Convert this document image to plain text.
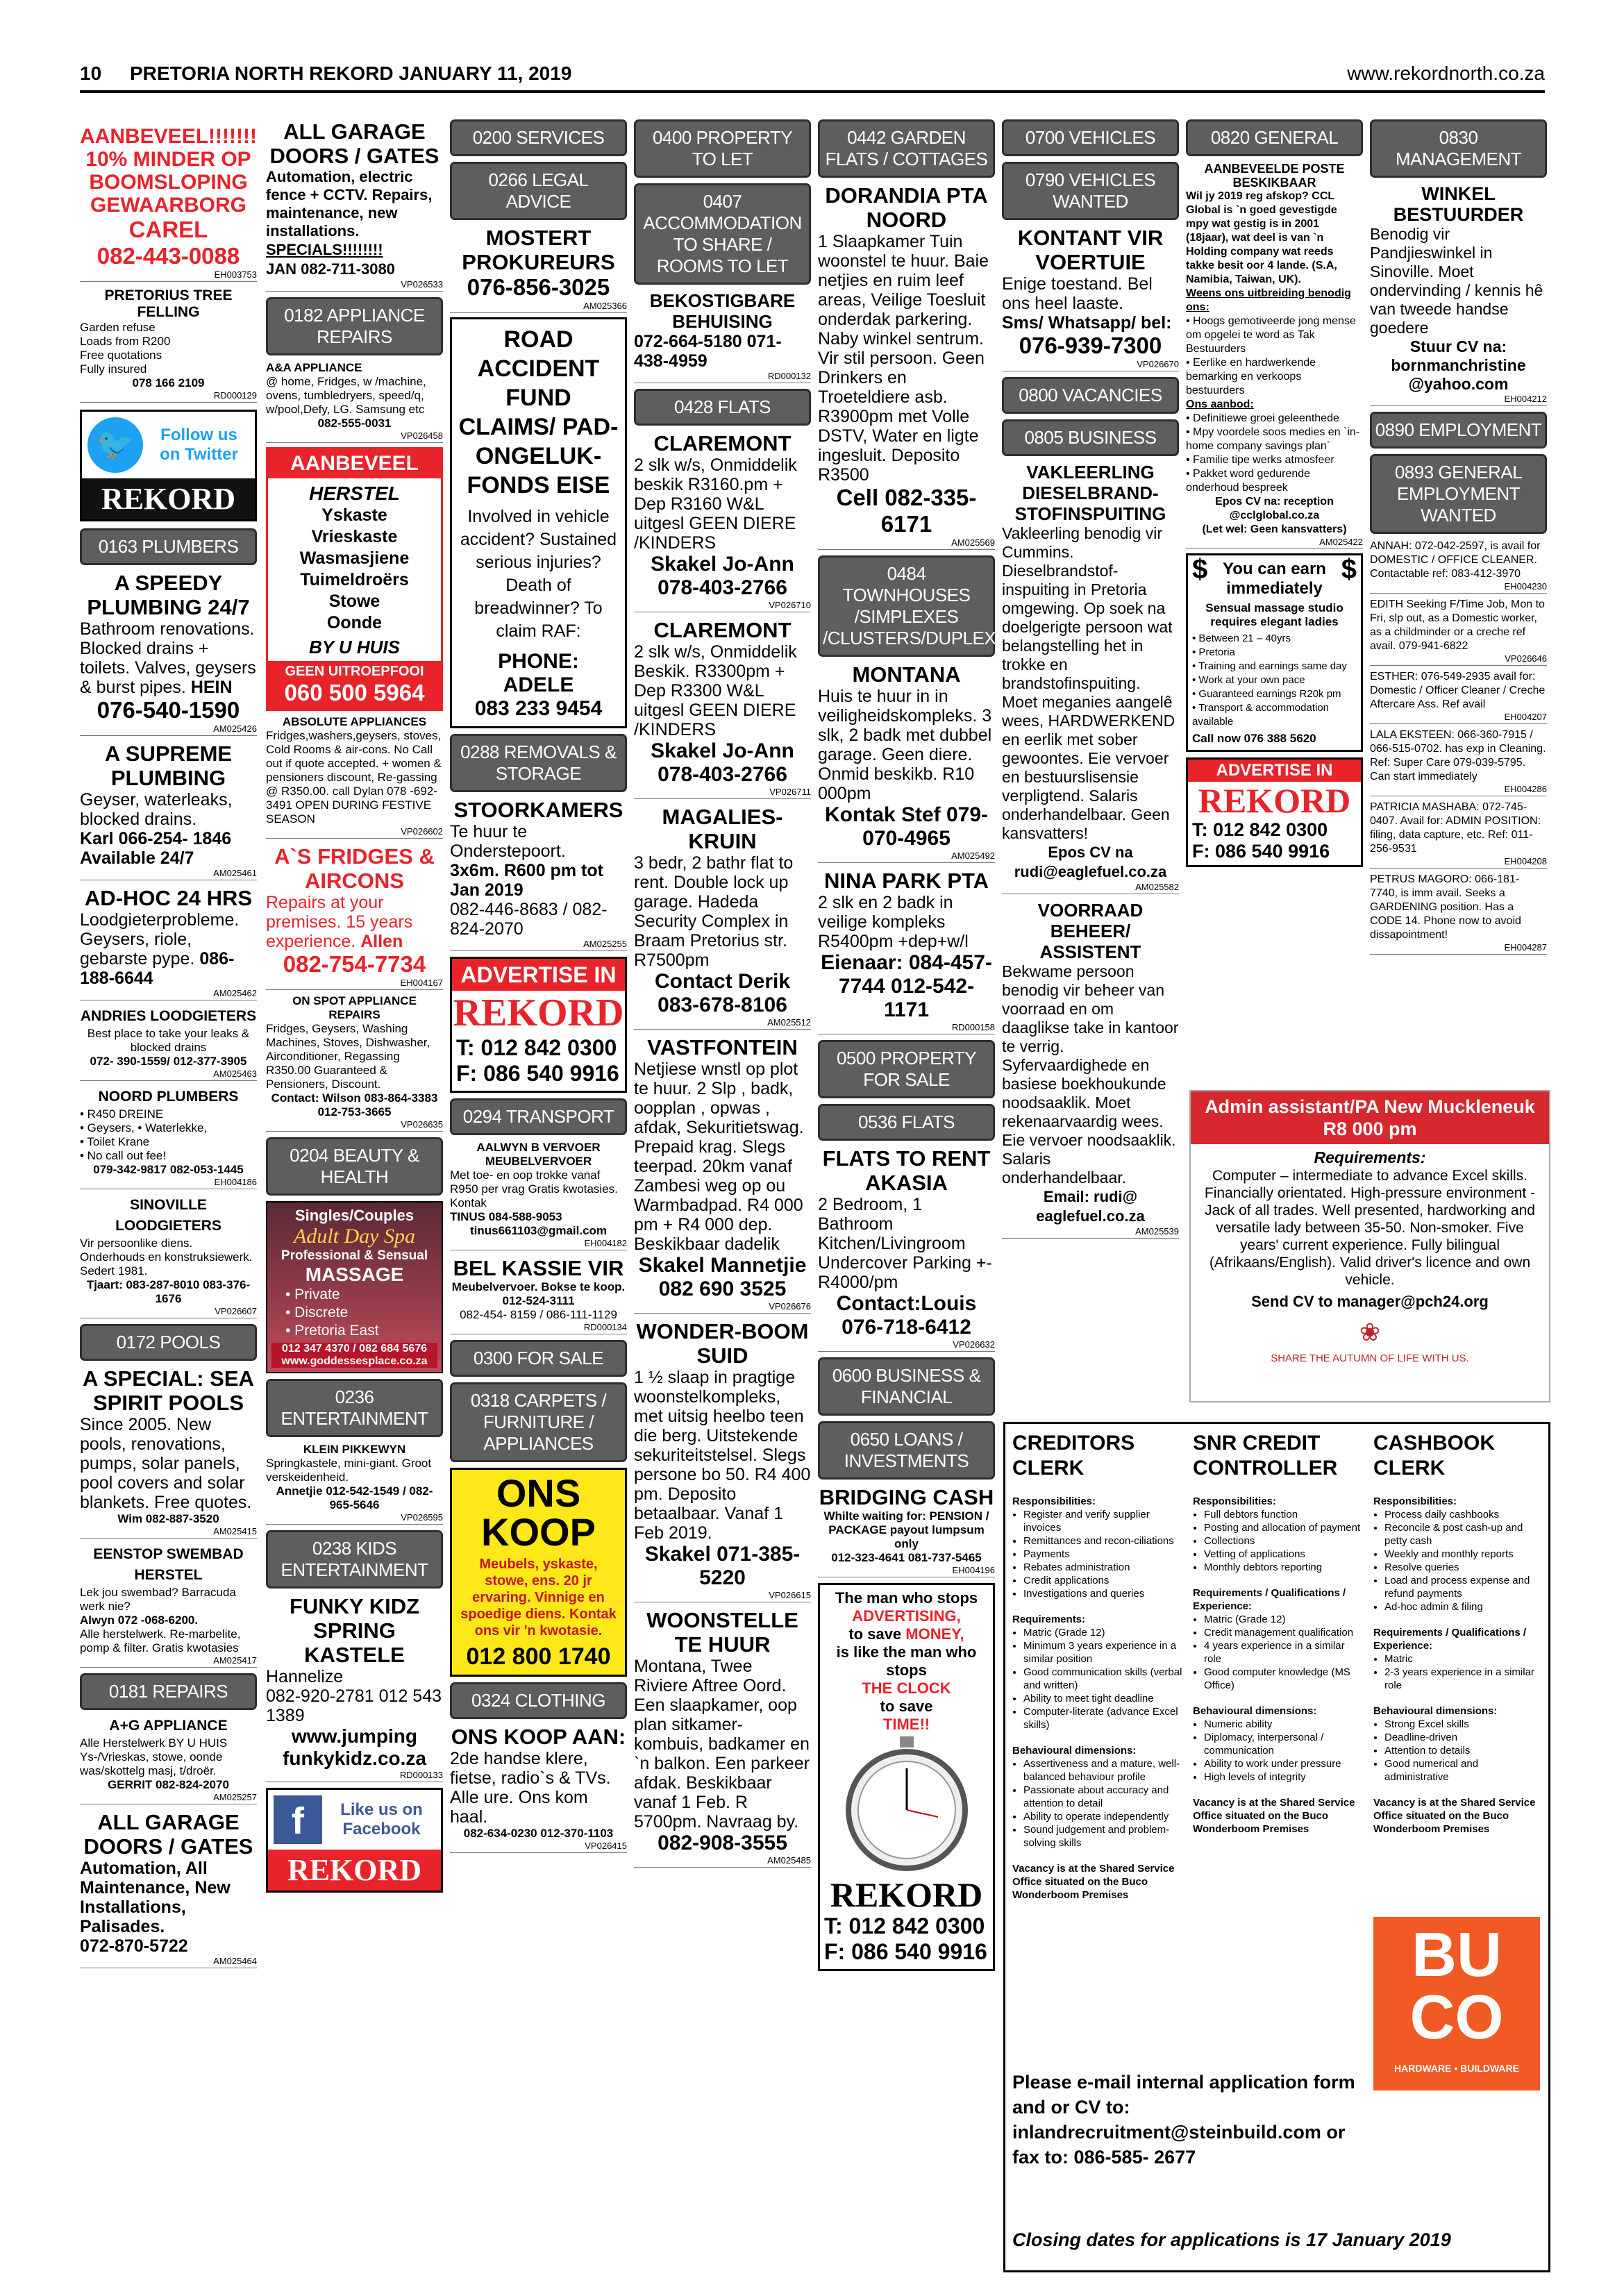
10 PRETORIA NORTH REKORD JANUARY 11, 2019	www.rekordnorth.co.za
AANBEVEEL!!!!!!! 10% MINDER OP BOOMSLOPING GEWAARBORG
CAREL
082-443-0088
EH003753
PRETORIUS TREE FELLING
Garden refuse
Loads from R200
Free quotations
Fully insured
078 166 2109
RD000129
🐦	Follow us on Twitter
REKORD
0163 PLUMBERS
A SPEEDY PLUMBING 24/7
Bathroom renovations. Blocked drains + toilets. Valves, geysers & burst pipes. HEIN
076-540-1590
AM025426
A SUPREME PLUMBING
Geyser, waterleaks, blocked drains.
Karl 066-254- 1846
Available 24/7
AM025461
AD-HOC 24 HRS
Loodgieterprobleme. Geysers, riole, gebarste pype. 086-188-6644
AM025462
ANDRIES LOODGIETERS
Best place to take your leaks & blocked drains
072- 390-1559/ 012-377-3905
AM025463
NOORD PLUMBERS
• R450 DREINE
• Geysers, • Waterlekke,
• Toilet Krane
• No call out fee!
079-342-9817 082-053-1445
EH004186
SINOVILLE LOODGIETERS
Vir persoonlike diens. Onderhouds en konstruksiewerk. Sedert 1981.
Tjaart: 083-287-8010 083-376-1676
VP026607
0172 POOLS
A SPECIAL: SEA SPIRIT POOLS
Since 2005. New pools, renovations, pumps, solar panels, pool covers and solar blankets. Free quotes.
Wim 082-887-3520
AM025415
EENSTOP SWEMBAD HERSTEL
Lek jou swembad? Barracuda werk nie?
Alwyn 072 -068-6200.
Alle herstelwerk. Re-marbelite, pomp & filter. Gratis kwotasies
AM025417
0181 REPAIRS
A+G APPLIANCE
Alle Herstelwerk BY U HUIS Ys-/Vrieskas, stowe, oonde was/skottelg masj, t/droër.
GERRIT 082-824-2070
AM025257
ALL GARAGE DOORS / GATES
Automation, All Maintenance, New Installations, Palisades.
072-870-5722
AM025464
ALL GARAGE DOORS / GATES
Automation, electric fence + CCTV. Repairs, maintenance, new installations.
SPECIALS!!!!!!!!
JAN 082-711-3080
VP026533
0182 APPLIANCE REPAIRS
A&A APPLIANCE
@ home, Fridges, w /machine, ovens, tumbledryers, speed/q, w/pool,Defy, LG. Samsung etc
082-555-0031
VP026458
AANBEVEEL
HERSTEL
Yskaste
Vrieskaste
Wasmasjiene
Tuimeldroërs
Stowe
Oonde
BY U HUIS
GEEN UITROEPFOOI
060 500 5964
ABSOLUTE APPLIANCES
Fridges,washers,geysers, stoves, Cold Rooms & air-cons. No Call out if quote accepted. + women & pensioners discount, Re-gassing @ R350.00. call Dylan 078 -692-3491 OPEN DURING FESTIVE SEASON
VP026602
A`S FRIDGES & AIRCONS
Repairs at your premises. 15 years experience. Allen
082-754-7734
EH004167
ON SPOT APPLIANCE REPAIRS
Fridges, Geysers, Washing Machines, Stoves, Dishwasher, Airconditioner, Regassing R350.00 Guaranteed & Pensioners, Discount.
Contact: Wilson 083-864-3383 012-753-3665
VP026635
0204 BEAUTY & HEALTH
Singles/Couples
Adult Day Spa
Professional & Sensual
MASSAGE
• Private
• Discrete
• Pretoria East
012 347 4370 / 082 684 5676
www.goddessesplace.co.za
0236 ENTERTAINMENT
KLEIN PIKKEWYN
Springkastele, mini-giant. Groot verskeidenheid.
Annetjie 012-542-1549 / 082-965-5646
VP026595
0238 KIDS ENTERTAINMENT
FUNKY KIDZ SPRING KASTELE
Hannelize
082-920-2781 012 543 1389
www.jumping funkykidz.co.za
RD000133
f	Like us on Facebook
REKORD
0200 SERVICES
0266 LEGAL ADVICE
MOSTERT PROKUREURS
076-856-3025
AM025366
ROAD ACCIDENT FUND CLAIMS/ PAD-ONGELUK-FONDS EISE
Involved in vehicle accident? Sustained serious injuries? Death of breadwinner? To claim RAF:
PHONE:
ADELE
083 233 9454
0288 REMOVALS & STORAGE
STOORKAMERS
Te huur te Onderstepoort.
3x6m. R600 pm tot Jan 2019
082-446-8683 / 082-824-2070
AM025255
ADVERTISE IN
REKORD
T: 012 842 0300
F: 086 540 9916
0294 TRANSPORT
AALWYN B VERVOER MEUBELVERVOER
Met toe- en oop trokke vanaf R950 per vrag Gratis kwotasies. Kontak
TINUS 084-588-9053
tinus661103@gmail.com
EH004182
BEL KASSIE VIR
Meubelvervoer. Bokse te koop. 012-524-3111
082-454- 8159 / 086-111-1129
RD000134
0300 FOR SALE
0318 CARPETS / FURNITURE / APPLIANCES
ONS KOOP
Meubels, yskaste, stowe, ens. 20 jr ervaring. Vinnige en spoedige diens. Kontak ons vir 'n kwotasie.
012 800 1740
0324 CLOTHING
ONS KOOP AAN:
2de handse klere, fietse, radio`s & TVs. Alle ure. Ons kom haal.
082-634-0230 012-370-1103
VP026415
0400 PROPERTY TO LET
0407 ACCOMMODATION TO SHARE / ROOMS TO LET
BEKOSTIGBARE BEHUISING
072-664-5180 071- 438-4959
RD000132
0428 FLATS
CLAREMONT
2 slk w/s, Onmiddelik beskik R3160.pm + Dep R3160 W&L uitgesl GEEN DIERE /KINDERS
Skakel Jo-Ann 078-403-2766
VP026710
CLAREMONT
2 slk w/s, Onmiddelik Beskik. R3300pm + Dep R3300 W&L uitgesl GEEN DIERE /KINDERS
Skakel Jo-Ann 078-403-2766
VP026711
MAGALIES-KRUIN
3 bedr, 2 bathr flat to rent. Double lock up garage. Hadeda Security Complex in Braam Pretorius str. R7500pm
Contact Derik 083-678-8106
AM025512
VASTFONTEIN
Netjiese wnstl op plot te huur. 2 Slp , badk, oopplan , opwas , afdak, Sekuritietswag. Prepaid krag. Slegs teerpad. 20km vanaf Zambesi weg op ou Warmbadpad. R4 000 pm + R4 000 dep. Beskikbaar dadelik
Skakel Mannetjie 082 690 3525
VP026676
WONDER-BOOM SUID
1 ½ slaap in pragtige woonstelkompleks, met uitsig heelbo teen die berg. Uitstekende sekuriteitstelsel. Slegs persone bo 50. R4 400 pm. Deposito betaalbaar. Vanaf 1 Feb 2019.
Skakel 071-385-5220
VP026615
WOONSTELLE TE HUUR
Montana, Twee Riviere Aftree Oord. Een slaapkamer, oop plan sitkamer-kombuis, badkamer en `n balkon. Een parkeer afdak. Beskikbaar vanaf 1 Feb. R 5700pm. Navraag by.
082-908-3555
AM025485
0442 GARDEN FLATS / COTTAGES
DORANDIA PTA NOORD
1 Slaapkamer Tuin woonstel te huur. Baie netjies en ruim leef areas, Veilige Toesluit onderdak parkering. Naby winkel sentrum. Vir stil persoon. Geen Drinkers en Troeteldiere asb. R3900pm met Volle DSTV, Water en ligte ingesluit. Deposito R3500
Cell 082-335-6171
AM025569
0484 TOWNHOUSES /SIMPLEXES /CLUSTERS/DUPLEXES
MONTANA
Huis te huur in in veiligheidskompleks. 3 slk, 2 badk met dubbel garage. Geen diere. Onmid beskikb. R10 000pm
Kontak Stef 079-070-4965
AM025492
NINA PARK PTA
2 slk en 2 badk in veilige kompleks R5400pm +dep+w/l
Eienaar: 084-457-7744 012-542-1171
RD000158
0500 PROPERTY FOR SALE
0536 FLATS
FLATS TO RENT AKASIA
2 Bedroom, 1 Bathroom Kitchen/Livingroom Undercover Parking +- R4000/pm
Contact:Louis 076-718-6412
VP026632
0600 BUSINESS & FINANCIAL
0650 LOANS / INVESTMENTS
BRIDGING CASH
Whilte waiting for: PENSION / PACKAGE payout lumpsum only
012-323-4641 081-737-5465
EH004196
The man who stops
ADVERTISING,
to save MONEY,
is like the man who stops
THE CLOCK
to save
TIME!!
REKORD
T: 012 842 0300
F: 086 540 9916
0700 VEHICLES
0790 VEHICLES WANTED
KONTANT VIR VOERTUIE
Enige toestand. Bel ons heel laaste.
Sms/ Whatsapp/ bel:
076-939-7300
VP026670
0800 VACANCIES
0805 BUSINESS
VAKLEERLING DIESELBRAND-STOFINSPUITING
Vakleerling benodig vir Cummins. Dieselbrandstof-inspuiting in Pretoria omgewing. Op soek na doelgerigte persoon wat belangstelling het in trokke en brandstofinspuiting. Moet meganies aangelê wees, HARDWERKEND en eerlik met sober gewoontes. Eie vervoer en bestuurslisensie verpligtend. Salaris onderhandelbaar. Geen kansvatters!
Epos CV na rudi@eaglefuel.co.za
AM025582
VOORRAAD BEHEER/ ASSISTENT
Bekwame persoon benodig vir beheer van voorraad en om daaglikse take in kantoor te verrig. Syfervaardighede en basiese boekhoukunde noodsaaklik. Moet rekenaarvaardig wees. Eie vervoer noodsaaklik. Salaris onderhandelbaar.
Email: rudi@ eaglefuel.co.za
AM025539
0820 GENERAL
AANBEVEELDE POSTE BESKIKBAAR
Wil jy 2019 reg afskop? CCL Global is `n goed gevestigde mpy wat gestig is in 2001 (18jaar), wat deel is van `n Holding company wat reeds takke besit oor 4 lande. (S.A, Namibia, Taiwan, UK).
Weens ons uitbreiding benodig ons:
• Hoogs gemotiveerde jong mense om opgelei te word as Tak Bestuurders
• Eerlike en hardwerkende bemarking en verkoops bestuurders
Ons aanbod:
• Definitiewe groei geleenthede
• Mpy voordele soos medies en `in-home company savings plan`
• Familie tipe werks atmosfeer
• Pakket word gedurende onderhoud bespreek
Epos CV na: reception @cclglobal.co.za
(Let wel: Geen kansvatters)
AM025422
$	$
You can earn immediately
Sensual massage studio requires elegant ladies
• Between 21 – 40yrs
• Pretoria
• Training and earnings same day
• Work at your own pace
• Guaranteed earnings R20k pm
• Transport & accommodation available
Call now 076 388 5620
ADVERTISE IN
REKORD
T: 012 842 0300
F: 086 540 9916
0830 MANAGEMENT
WINKEL BESTUURDER
Benodig vir Pandjieswinkel in Sinoville. Moet ondervinding / kennis hê van tweede handse goedere
Stuur CV na: bornmanchristine @yahoo.com
EH004212
0890 EMPLOYMENT
0893 GENERAL EMPLOYMENT WANTED
ANNAH: 072-042-2597, is avail for DOMESTIC / OFFICE CLEANER. Contactable ref: 083-412-3970
EH004230
EDITH Seeking F/Time Job, Mon to Fri, slp out, as a Domestic worker, as a childminder or a creche ref avail. 079-941-6822
VP026646
ESTHER: 076-549-2935 avail for: Domestic / Officer Cleaner / Creche Aftercare Ass. Ref avail
EH004207
LALA EKSTEEN: 066-360-7915 / 066-515-0702. has exp in Cleaning. Ref: Super Care 079-039-5795. Can start immediately
EH004286
PATRICIA MASHABA: 072-745-0407. Avail for: ADMIN POSITION: filing, data capture, etc. Ref: 011-256-9531
EH004208
PETRUS MAGORO: 066-181-7740, is imm avail. Seeks a GARDENING position. Has a CODE 14. Phone now to avoid dissapointment!
EH004287
Admin assistant/PA New Muckleneuk R8 000 pm
Requirements:
Computer – intermediate to advance Excel skills. Financially orientated. High-pressure environment - Jack of all trades. Well presented, hardworking and versatile lady between 35-50. Non-smoker. Five years' current experience. Fully bilingual (Afrikaans/English). Valid driver's licence and own vehicle.
Send CV to manager@pch24.org
❀
SHARE THE AUTUMN OF LIFE WITH US.
CREDITORS CLERK
Responsibilities:
• Register and verify supplier invoices
• Remittances and recon-ciliations
• Payments
• Rebates administration
• Credit applications
• Investigations and queries
Requirements:
• Matric (Grade 12)
• Minimum 3 years experience in a similar position
• Good communication skills (verbal and written)
• Ability to meet tight deadline
• Computer-literate (advance Excel skills)
Behavioural dimensions:
• Assertiveness and a mature, well-balanced behaviour profile
• Passionate about accuracy and attention to detail
• Ability to operate independently
• Sound judgement and problem-solving skills
Vacancy is at the Shared Service Office situated on the Buco Wonderboom Premises
SNR CREDIT CONTROLLER
Responsibilities:
• Full debtors function
• Posting and allocation of payment
• Collections
• Vetting of applications
• Monthly debtors reporting
Requirements / Qualifications / Experience:
• Matric (Grade 12)
• Credit management qualification
• 4 years experience in a similar role
• Good computer knowledge (MS Office)
Behavioural dimensions:
• Numeric ability
• Diplomacy, interpersonal / communication
• Ability to work under pressure
• High levels of integrity
Vacancy is at the Shared Service Office situated on the Buco Wonderboom Premises
CASHBOOK CLERK
Responsibilities:
• Process daily cashbooks
• Reconcile & post cash-up and petty cash
• Weekly and monthly reports
• Resolve queries
• Load and process expense and refund payments
• Ad-hoc admin & filing
Requirements / Qualifications / Experience:
• Matric
• 2-3 years experience in a similar role
Behavioural dimensions:
• Strong Excel skills
• Deadline-driven
• Attention to details
• Good numerical and administrative
Vacancy is at the Shared Service Office situated on the Buco Wonderboom Premises
Please e-mail internal application form and or CV to: inlandrecruitment@steinbuild.com or fax to: 086-585- 2677
BU
CO
HARDWARE • BUILDWARE
Closing dates for applications is 17 January 2019
